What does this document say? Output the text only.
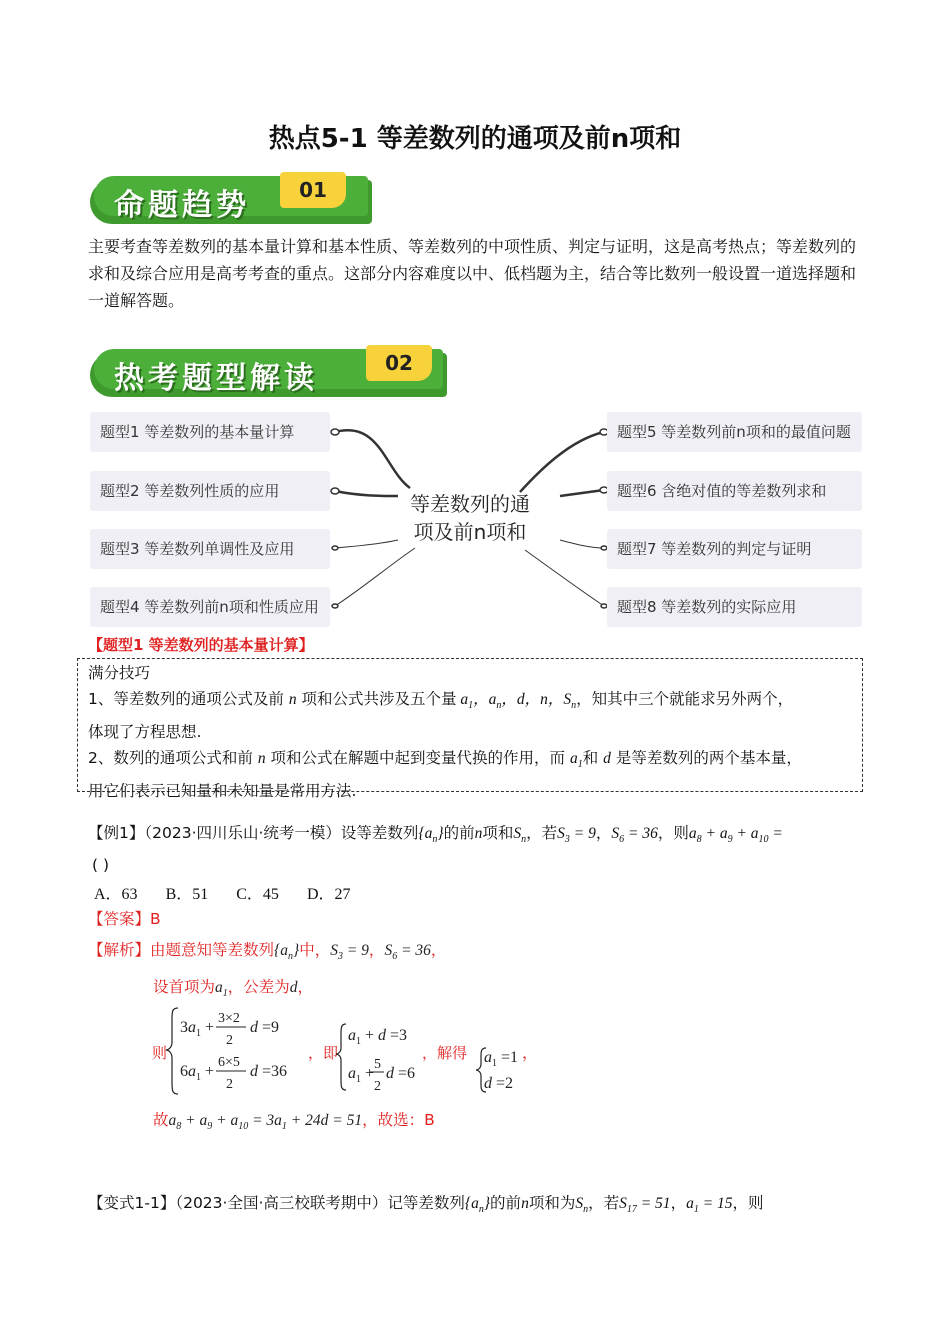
热点5-1 等差数列的通项及前n项和
命题趋势	01
主要考查等差数列的基本量计算和基本性质、等差数列的中项性质、判定与证明，这是高考热点；等差数列的求和及综合应用是高考考查的重点。这部分内容难度以中、低档题为主，结合等比数列一般设置一道选择题和一道解答题。
热考题型解读	02
题型1 等差数列的基本量计算
题型2 等差数列性质的应用
题型3 等差数列单调性及应用
题型4 等差数列前n项和性质应用
题型5 等差数列前n项和的最值问题
题型6 含绝对值的等差数列求和
题型7 等差数列的判定与证明
题型8 等差数列的实际应用
等差数列的通
项及前n项和
【题型1 等差数列的基本量计算】
满分技巧
1、等差数列的通项公式及前 n 项和公式共涉及五个量 $a_1$，$a_n$，d，n，$S_n$，知其中三个就能求另外两个，
体现了方程思想.
2、数列的通项公式和前 n 项和公式在解题中起到变量代换的作用，而 $a_1$和 d 是等差数列的两个基本量，
用它们表示已知量和未知量是常用方法.
【例1】（2023·四川乐山·统考一模）设等差数列$\{a_n\}$的前n项和$S_n$，若$S_3 = 9$，$S_6 = 36$，则$a_8 + a_9 + a_{10}$ =
( )
A．63 B．51 C．45 D．27
【答案】B
【解析】由题意知等差数列$\{a_n\}$中，$S_3 = 9$，$S_6 = 36$，
设首项为$a_1$，公差为d，
则
$3a_1$ +
3×2
2
d =9
$6a_1$ +
6×5
2
d =36
，即
$a_1 + d =3$
$a_1$ +
5
2
d =6
，解得 $a_1 =1$
d =2
，
故$a_8 + a_9 + a_{10} = 3a_1 + 24d = 51$，故选：B
【变式1-1】（2023·全国·高三校联考期中）记等差数列$\{a_n\}$的前n项和为$S_n$，若$S_{17} = 51$，$a_1 = 15$，则
